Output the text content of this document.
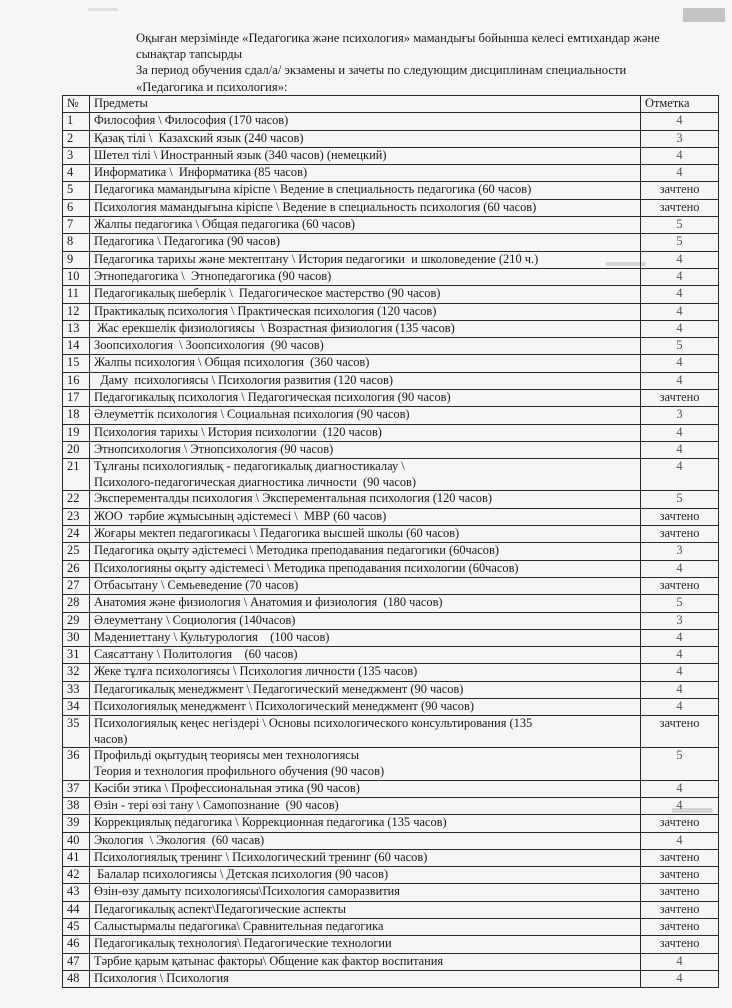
Оқыған мерзімінде «Педагогика және психология» мамандығы бойынша келесі емтихандар және
сынақтар тапсырды
За период обучения сдал/а/ экзамены и зачеты по следующим дисциплинам специальности
«Педагогика и психология»:
№	Предметы	Отметка
1	Философия \ Философия (170 часов)	4
2	Қазақ тілі \  Казахский язык (240 часов)	3
3	Шетел тілі \ Иностранный язык (340 часов) (немецкий)	4
4	Информатика \  Информатика (85 часов)	4
5	Педагогика мамандығына кіріспе \ Ведение в специальность педагогика (60 часов)	зачтено
6	Психология мамандығына кіріспе \ Ведение в специальность психология (60 часов)	зачтено
7	Жалпы педагогика \ Общая педагогика (60 часов)	5
8	Педагогика \ Педагогика (90 часов)	5
9	Педагогика тарихы және мектептану \ История педагогики  и школоведение (210 ч.)	4
10	Этнопедагогика \  Этнопедагогика (90 часов)	4
11	Педагогикалық шеберлік \  Педагогическое мастерство (90 часов)	4
12	Практикалық психология \ Практическая психология (120 часов)	4
13	Жас ерекшелік физиологиясы  \ Возрастная физиология (135 часов)	4
14	Зоопсихология  \ Зоопсихология  (90 часов)	5
15	Жалпы психология \ Общая психология  (360 часов)	4
16	Даму  психологиясы \ Психология развития (120 часов)	4
17	Педагогикалық психология \ Педагогическая психология (90 часов)	зачтено
18	Әлеуметтік психология \ Социальная психология (90 часов)	3
19	Психология тарихы \ История психологии  (120 часов)	4
20	Этнопсихология \ Этнопсихология (90 часов)	4
21	Тұлғаны психологиялық - педагогикалық диагностикалау \
Психолого-педагогическая диагностика личности  (90 часов)	4
22	Эксперементалды психология \ Эксперементальная психология (120 часов)	5
23	ЖОО  тәрбие жұмысының әдістемесі \  МВР (60 часов)	зачтено
24	Жоғары мектеп педагогикасы \ Педагогика высшей школы (60 часов)	зачтено
25	Педагогика оқыту әдістемесі \ Методика преподавания педагогики (60часов)	3
26	Психологияны оқыту әдістемесі \ Методика преподавания психологии (60часов)	4
27	Отбасытану \ Семьеведение (70 часов)	зачтено
28	Анатомия және физиология \ Анатомия и физиология  (180 часов)	5
29	Әлеуметтану \ Социология (140часов)	3
30	Мәдениеттану \ Культурология    (100 часов)	4
31	Саясаттану \ Политология    (60 часов)	4
32	Жеке тұлға психологиясы \ Психология личности (135 часов)	4
33	Педагогикалық менеджмент \ Педагогический менеджмент (90 часов)	4
34	Психологиялық менеджмент \ Психологический менеджмент (90 часов)	4
35	Психологиялық кеңес негіздері \ Основы психологического консультирования (135
часов)	зачтено
36	Профильді оқытудың теориясы мен технологиясы
Теория и технология профильного обучения (90 часов)	5
37	Кәсіби этика \ Профессиональная этика (90 часов)	4
38	Өзін - тері өзі тану \ Самопознание  (90 часов)	4
39	Коррекциялық педагогика \ Коррекционная педагогика (135 часов)	зачтено
40	Экология  \ Экология  (60 часав)	4
41	Психологиялық тренинг \ Психологический тренинг (60 часов)	зачтено
42	Балалар психологиясы \ Детская психология (90 часов)	зачтено
43	Өзін-өзу дамыту психологиясы\Психология саморазвития	зачтено
44	Педагогикалық аспект\Педагогические аспекты	зачтено
45	Салыстырмалы педагогика\ Сравнительная педагогика	зачтено
46	Педагогикалық технология\ Педагогические технологии	зачтено
47	Тәрбие қарым қатынас факторы\ Общение как фактор воспитания	4
48	Психология \ Психология	4
